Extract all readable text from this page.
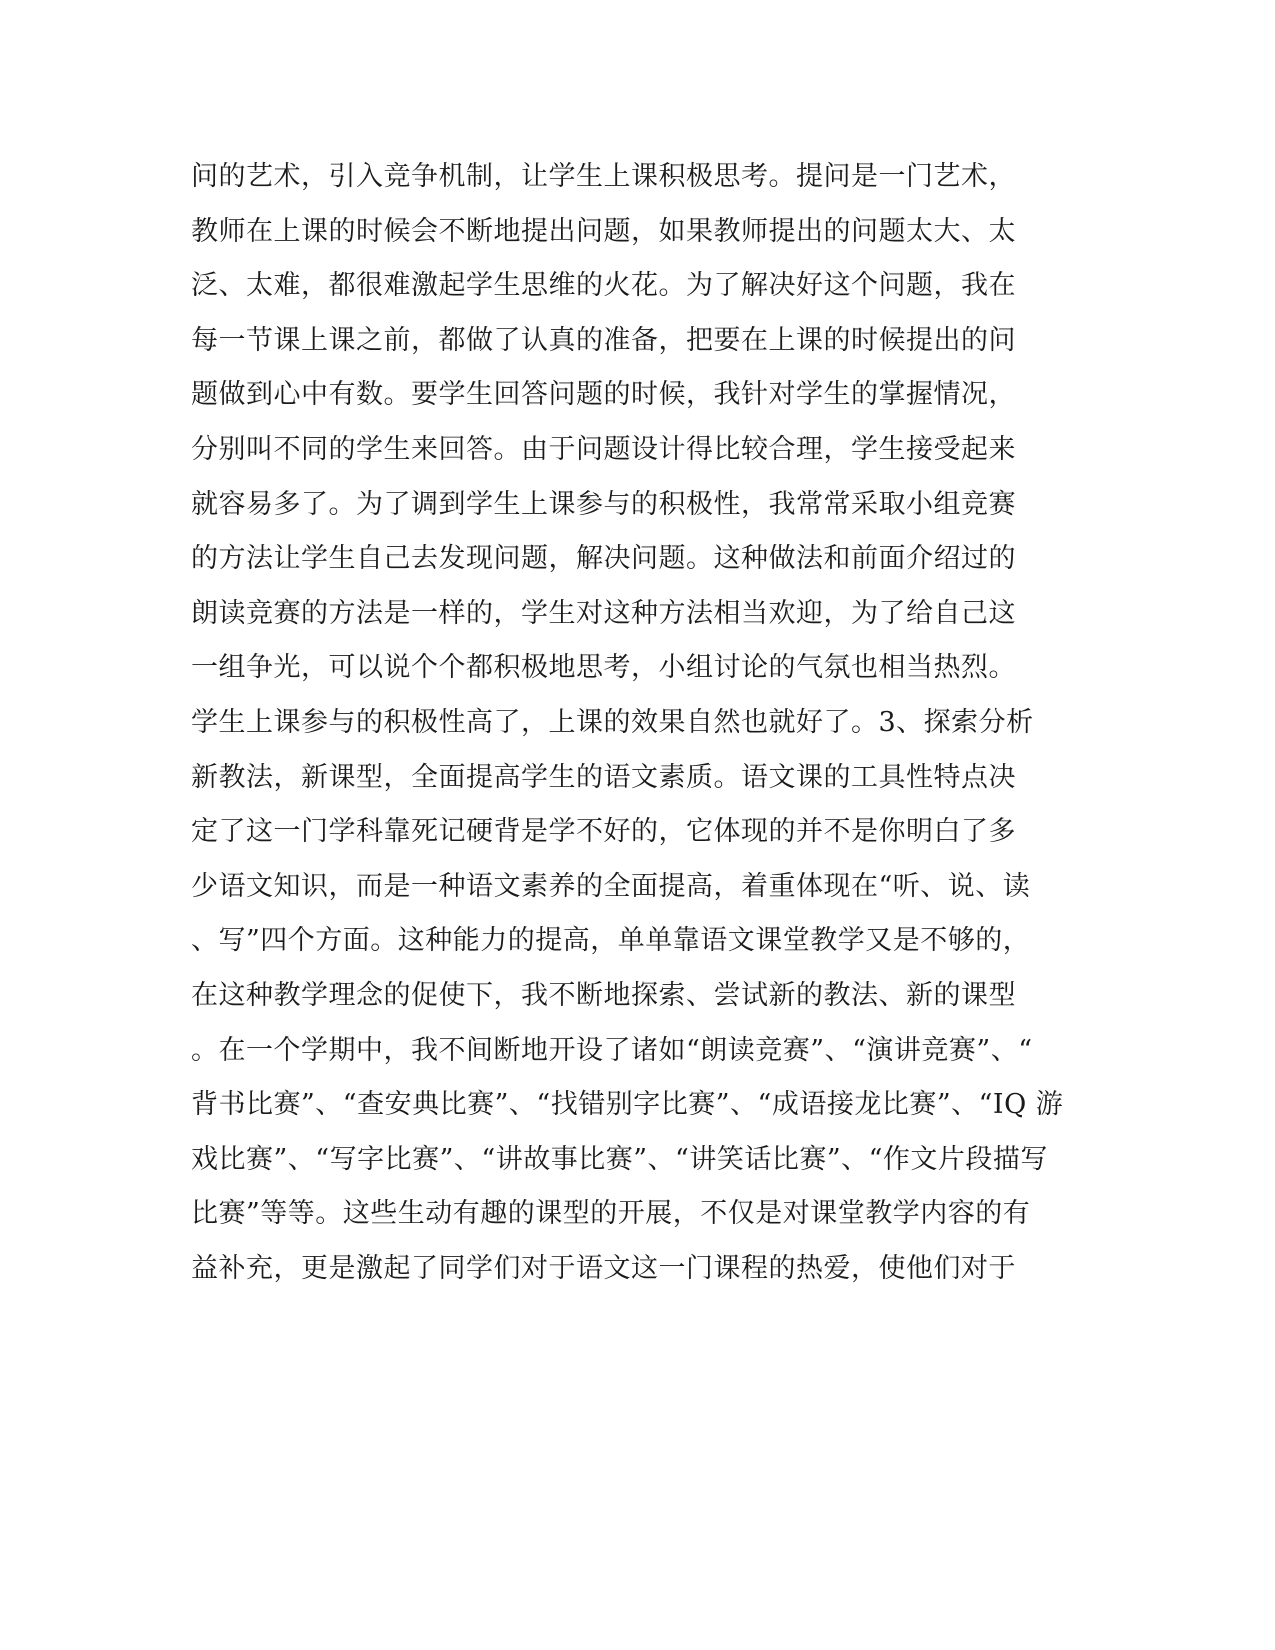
问的艺术，引入竞争机制，让学生上课积极思考。提问是一门艺术，
教师在上课的时候会不断地提出问题，如果教师提出的问题太大、太
泛、太难，都很难激起学生思维的火花。为了解决好这个问题，我在
每一节课上课之前，都做了认真的准备，把要在上课的时候提出的问
题做到心中有数。要学生回答问题的时候，我针对学生的掌握情况，
分别叫不同的学生来回答。由于问题设计得比较合理，学生接受起来
就容易多了。为了调到学生上课参与的积极性，我常常采取小组竞赛
的方法让学生自己去发现问题，解决问题。这种做法和前面介绍过的
朗读竞赛的方法是一样的，学生对这种方法相当欢迎，为了给自己这
一组争光，可以说个个都积极地思考，小组讨论的气氛也相当热烈。
学生上课参与的积极性高了，上课的效果自然也就好了。3、探索分析
新教法，新课型，全面提高学生的语文素质。语文课的工具性特点决
定了这一门学科靠死记硬背是学不好的，它体现的并不是你明白了多
少语文知识，而是一种语文素养的全面提高，着重体现在“听、说、读
、写”四个方面。这种能力的提高，单单靠语文课堂教学又是不够的，
在这种教学理念的促使下，我不断地探索、尝试新的教法、新的课型
。在一个学期中，我不间断地开设了诸如“朗读竞赛”、“演讲竞赛”、“
背书比赛”、“查安典比赛”、“找错别字比赛”、“成语接龙比赛”、“IQ 游
戏比赛”、“写字比赛”、“讲故事比赛”、“讲笑话比赛”、“作文片段描写
比赛”等等。这些生动有趣的课型的开展，不仅是对课堂教学内容的有
益补充，更是激起了同学们对于语文这一门课程的热爱，使他们对于
